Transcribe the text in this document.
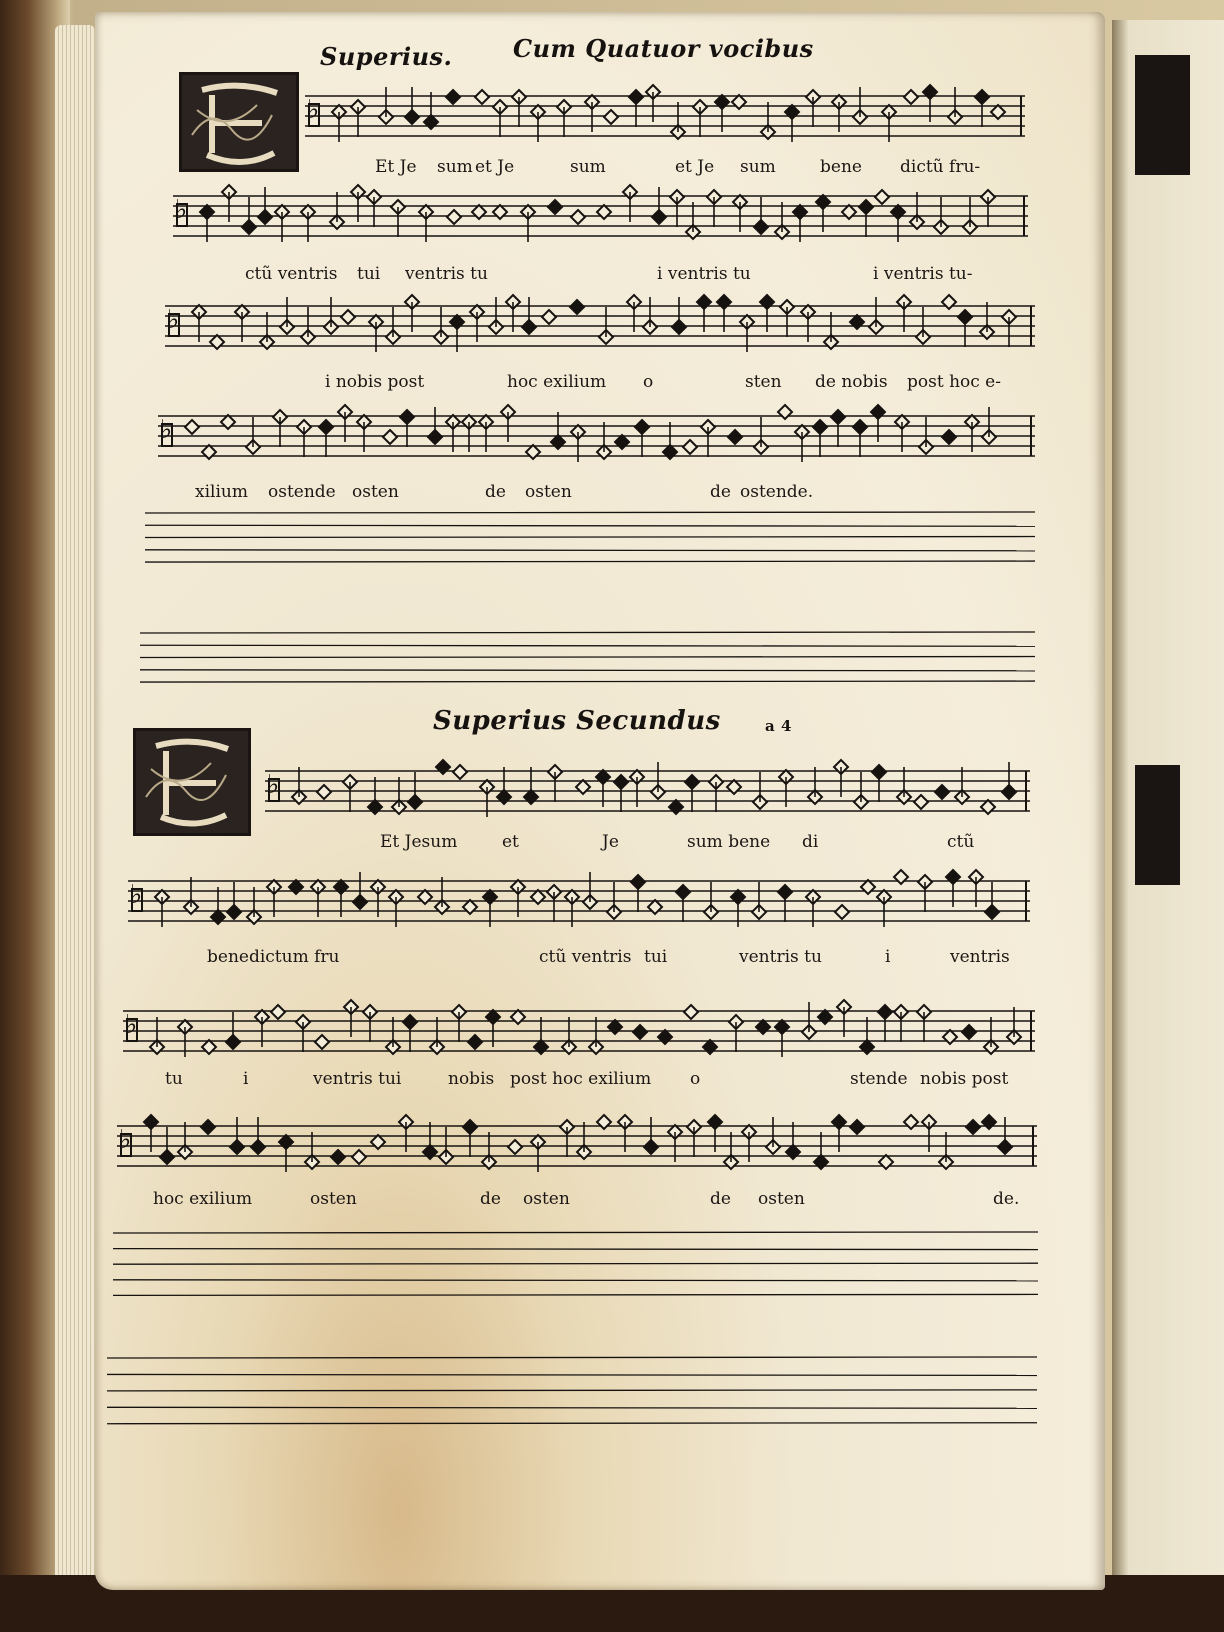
Superius.	Cum Quatuor vocibus
Superius Secundus	a 4
♭
♭
♭
♭
♭
♭
♭
♭
Et Je sum et Je	sum	et Je sum	bene dictũ fru-
ctũ ventris tui ventris tu	i ventris tu	i ventris tu-
i nobis post	hoc exilium o	sten de nobis post hoc e-
xilium ostende osten	de osten	de ostende.
Et Jesum	et	Je	sum bene di	ctũ
benedictum fru	ctũ ventris tui	ventris tu	i	ventris
tu	i	ventris tui	nobis post hoc exilium o	stende nobis post
hoc exilium	osten	de osten	de osten	de.
